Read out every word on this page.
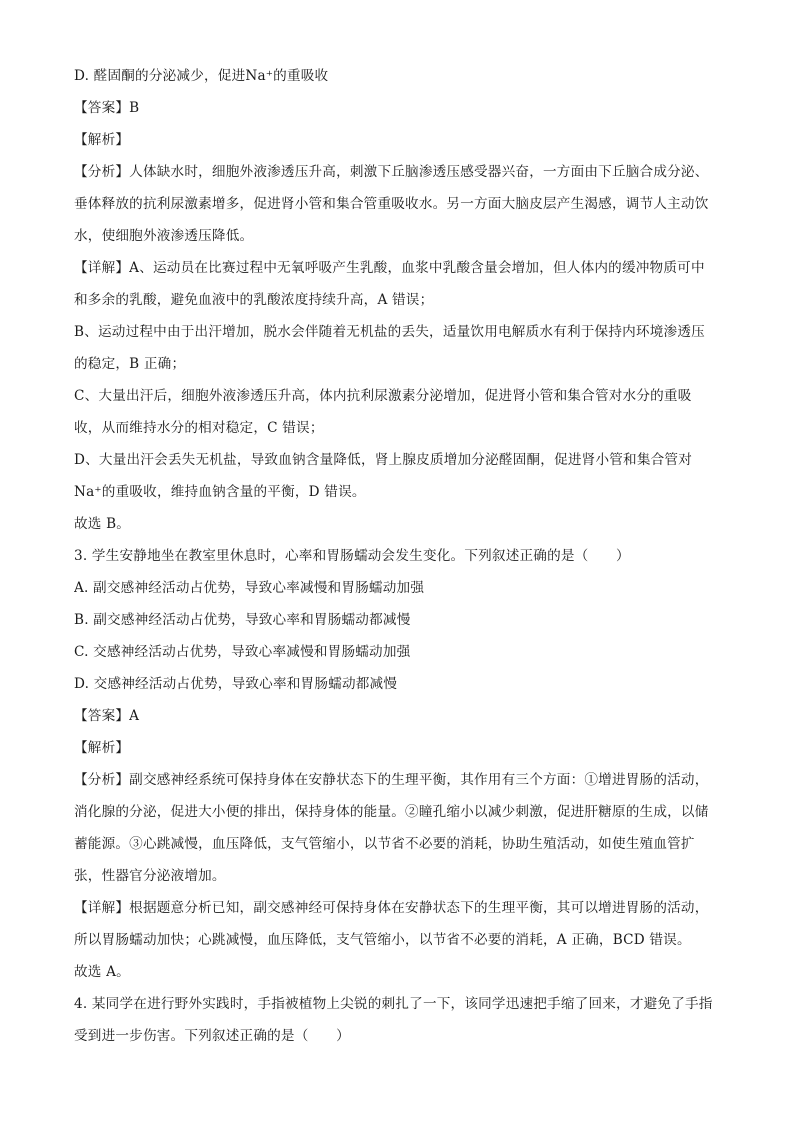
D. 醛固酮的分泌减少，促进Na⁺的重吸收
【答案】B
【解析】
【分析】人体缺水时，细胞外液渗透压升高，刺激下丘脑渗透压感受器兴奋，一方面由下丘脑合成分泌、
垂体释放的抗利尿激素增多，促进肾小管和集合管重吸收水。另一方面大脑皮层产生渴感，调节人主动饮
水，使细胞外液渗透压降低。
【详解】A、运动员在比赛过程中无氧呼吸产生乳酸，血浆中乳酸含量会增加，但人体内的缓冲物质可中
和多余的乳酸，避免血液中的乳酸浓度持续升高，A 错误；
B、运动过程中由于出汗增加，脱水会伴随着无机盐的丢失，适量饮用电解质水有利于保持内环境渗透压
的稳定，B 正确；
C、大量出汗后，细胞外液渗透压升高，体内抗利尿激素分泌增加，促进肾小管和集合管对水分的重吸
收，从而维持水分的相对稳定，C 错误；
D、大量出汗会丢失无机盐，导致血钠含量降低，肾上腺皮质增加分泌醛固酮，促进肾小管和集合管对
Na⁺的重吸收，维持血钠含量的平衡，D 错误。
故选 B。
3. 学生安静地坐在教室里休息时，心率和胃肠蠕动会发生变化。下列叙述正确的是（　　）
A. 副交感神经活动占优势，导致心率减慢和胃肠蠕动加强
B. 副交感神经活动占优势，导致心率和胃肠蠕动都减慢
C. 交感神经活动占优势，导致心率减慢和胃肠蠕动加强
D. 交感神经活动占优势，导致心率和胃肠蠕动都减慢
【答案】A
【解析】
【分析】副交感神经系统可保持身体在安静状态下的生理平衡，其作用有三个方面：①增进胃肠的活动，
消化腺的分泌，促进大小便的排出，保持身体的能量。②瞳孔缩小以减少刺激，促进肝糖原的生成，以储
蓄能源。③心跳减慢，血压降低，支气管缩小，以节省不必要的消耗，协助生殖活动，如使生殖血管扩
张，性器官分泌液增加。
【详解】根据题意分析已知，副交感神经可保持身体在安静状态下的生理平衡，其可以增进胃肠的活动，
所以胃肠蠕动加快；心跳减慢，血压降低，支气管缩小，以节省不必要的消耗，A 正确，BCD 错误。
故选 A。
4. 某同学在进行野外实践时，手指被植物上尖锐的刺扎了一下，该同学迅速把手缩了回来，才避免了手指
受到进一步伤害。下列叙述正确的是（　　）
